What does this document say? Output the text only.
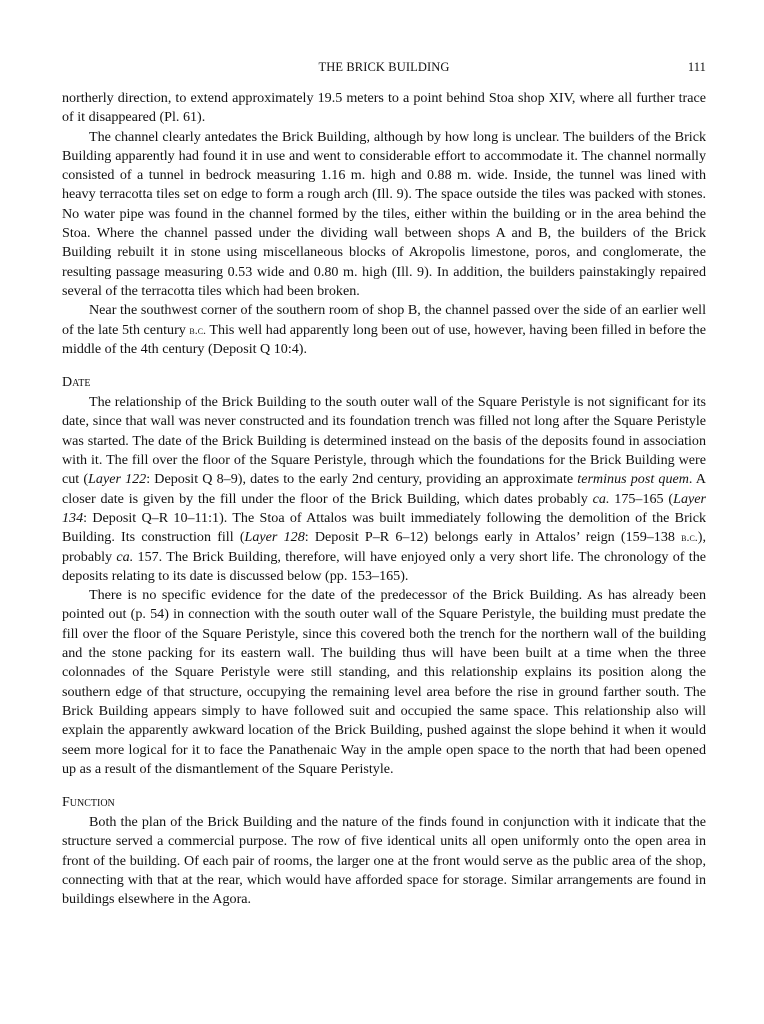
THE BRICK BUILDING	111

northerly direction, to extend approximately 19.5 meters to a point behind Stoa shop XIV, where all further trace of it disappeared (Pl. 61).

The channel clearly antedates the Brick Building, although by how long is unclear. The builders of the Brick Building apparently had found it in use and went to considerable effort to accommodate it. The channel normally consisted of a tunnel in bedrock measuring 1.16 m. high and 0.88 m. wide. Inside, the tunnel was lined with heavy terracotta tiles set on edge to form a rough arch (Ill. 9). The space outside the tiles was packed with stones. No water pipe was found in the channel formed by the tiles, either within the building or in the area behind the Stoa. Where the channel passed under the dividing wall between shops A and B, the builders of the Brick Building rebuilt it in stone using miscellaneous blocks of Akropolis limestone, poros, and conglomerate, the resulting passage measuring 0.53 wide and 0.80 m. high (Ill. 9). In addition, the builders painstakingly repaired several of the terracotta tiles which had been broken.

Near the southwest corner of the southern room of shop B, the channel passed over the side of an earlier well of the late 5th century b.c. This well had apparently long been out of use, however, having been filled in before the middle of the 4th century (Deposit Q 10:4).

Date

The relationship of the Brick Building to the south outer wall of the Square Peristyle is not significant for its date, since that wall was never constructed and its foundation trench was filled not long after the Square Peristyle was started. The date of the Brick Building is determined instead on the basis of the deposits found in association with it. The fill over the floor of the Square Peristyle, through which the foundations for the Brick Building were cut (Layer 122: Deposit Q 8–9), dates to the early 2nd century, providing an approximate terminus post quem. A closer date is given by the fill under the floor of the Brick Building, which dates probably ca. 175–165 (Layer 134: Deposit Q–R 10–11:1). The Stoa of Attalos was built immediately following the demolition of the Brick Building. Its construction fill (Layer 128: Deposit P–R 6–12) belongs early in Attalos’ reign (159–138 b.c.), probably ca. 157. The Brick Building, therefore, will have enjoyed only a very short life. The chronology of the deposits relating to its date is discussed below (pp. 153–165).

There is no specific evidence for the date of the predecessor of the Brick Building. As has already been pointed out (p. 54) in connection with the south outer wall of the Square Peristyle, the building must predate the fill over the floor of the Square Peristyle, since this covered both the trench for the northern wall of the building and the stone packing for its eastern wall. The building thus will have been built at a time when the three colonnades of the Square Peristyle were still standing, and this relationship explains its position along the southern edge of that structure, occupying the remaining level area before the rise in ground farther south. The Brick Building appears simply to have followed suit and occupied the same space. This relationship also will explain the apparently awkward location of the Brick Building, pushed against the slope behind it when it would seem more logical for it to face the Panathenaic Way in the ample open space to the north that had been opened up as a result of the dismantlement of the Square Peristyle.

Function

Both the plan of the Brick Building and the nature of the finds found in conjunction with it indicate that the structure served a commercial purpose. The row of five identical units all open uniformly onto the open area in front of the building. Of each pair of rooms, the larger one at the front would serve as the public area of the shop, connecting with that at the rear, which would have afforded space for storage. Similar arrangements are found in buildings elsewhere in the Agora.
